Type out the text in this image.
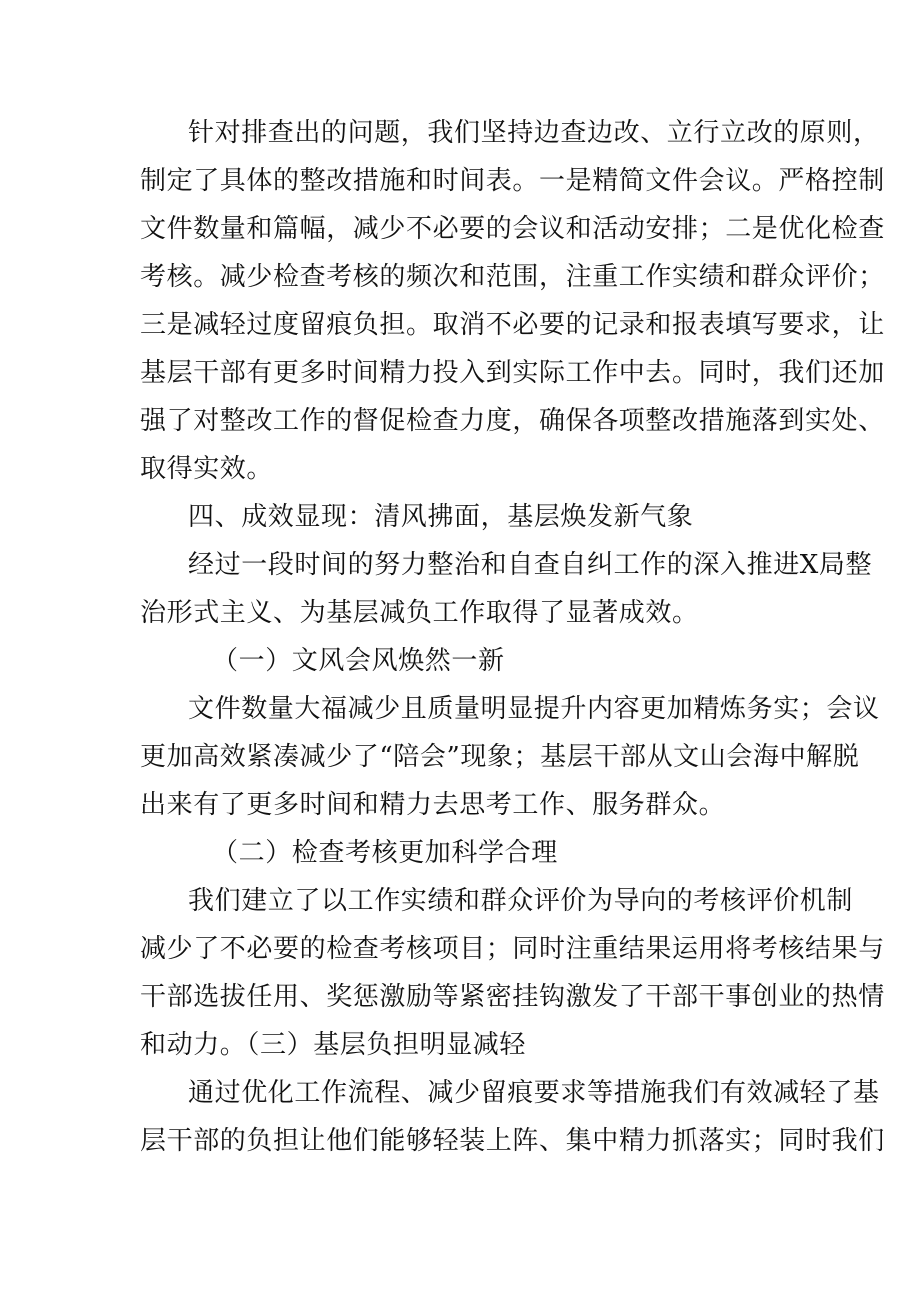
针对排查出的问题，我们坚持边查边改、立行立改的原则，
制定了具体的整改措施和时间表。一是精简文件会议。严格控制
文件数量和篇幅，减少不必要的会议和活动安排；二是优化检查
考核。减少检查考核的频次和范围，注重工作实绩和群众评价；
三是减轻过度留痕负担。取消不必要的记录和报表填写要求，让
基层干部有更多时间精力投入到实际工作中去。同时，我们还加
强了对整改工作的督促检查力度，确保各项整改措施落到实处、
取得实效。
四、成效显现：清风拂面，基层焕发新气象
经过一段时间的努力整治和自查自纠工作的深入推进X局整
治形式主义、为基层减负工作取得了显著成效。
（一）文风会风焕然一新
文件数量大福减少且质量明显提升内容更加精炼务实；会议
更加高效紧凑减少了“陪会”现象；基层干部从文山会海中解脱
出来有了更多时间和精力去思考工作、服务群众。
（二）检查考核更加科学合理
我们建立了以工作实绩和群众评价为导向的考核评价机制
减少了不必要的检查考核项目；同时注重结果运用将考核结果与
干部选拔任用、奖惩激励等紧密挂钩激发了干部干事创业的热情
和动力。（三）基层负担明显减轻
通过优化工作流程、减少留痕要求等措施我们有效减轻了基
层干部的负担让他们能够轻装上阵、集中精力抓落实；同时我们
